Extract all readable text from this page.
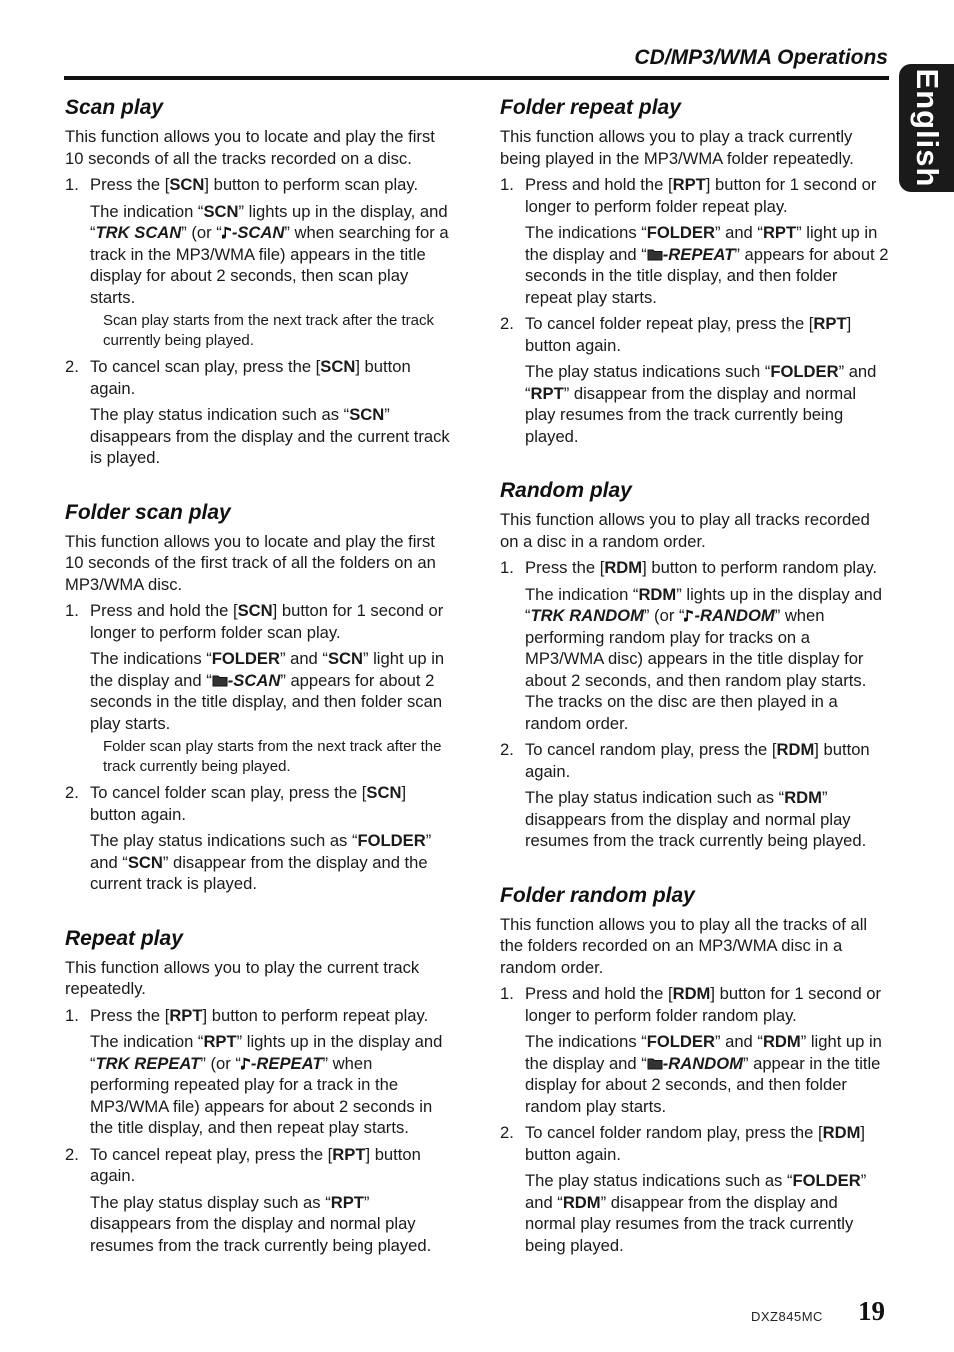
CD/MP3/WMA Operations
English
Scan play

This function allows you to locate and play the first 10 seconds of all the tracks recorded on a disc.

1. Press the [SCN] button to perform scan play.

The indication “SCN” lights up in the display, and “TRK SCAN” (or “ -SCAN” when searching for a track in the MP3/WMA file) appears in the title display for about 2 seconds, then scan play starts.

Scan play starts from the next track after the track currently being played.

2. To cancel scan play, press the [SCN] button again.

The play status indication such as “SCN” disappears from the display and the current track is played.

Folder scan play

This function allows you to locate and play the first 10 seconds of the first track of all the folders on an MP3/WMA disc.

1. Press and hold the [SCN] button for 1 second or longer to perform folder scan play.

The indications “FOLDER” and “SCN” light up in the display and “ -SCAN” appears for about 2 seconds in the title display, and then folder scan play starts.

Folder scan play starts from the next track after the track currently being played.

2. To cancel folder scan play, press the [SCN] button again.

The play status indications such as “FOLDER” and “SCN” disappear from the display and the current track is played.

Repeat play

This function allows you to play the current track repeatedly.

1. Press the [RPT] button to perform repeat play.

The indication “RPT” lights up in the display and “TRK REPEAT” (or “ -REPEAT” when performing repeated play for a track in the MP3/WMA file) appears for about 2 seconds in the title display, and then repeat play starts.

2. To cancel repeat play, press the [RPT] button again.

The play status display such as “RPT” disappears from the display and normal play resumes from the track currently being played.

Folder repeat play

This function allows you to play a track currently being played in the MP3/WMA folder repeatedly.

1. Press and hold the [RPT] button for 1 second or longer to perform folder repeat play.

The indications “FOLDER” and “RPT” light up in the display and “ -REPEAT” appears for about 2 seconds in the title display, and then folder repeat play starts.

2. To cancel folder repeat play, press the [RPT] button again.

The play status indications such “FOLDER” and “RPT” disappear from the display and normal play resumes from the track currently being played.

Random play

This function allows you to play all tracks recorded on a disc in a random order.

1. Press the [RDM] button to perform random play.

The indication “RDM” lights up in the display and “TRK RANDOM” (or “ -RANDOM” when performing random play for tracks on a MP3/WMA disc) appears in the title display for about 2 seconds, and then random play starts. The tracks on the disc are then played in a random order.

2. To cancel random play, press the [RDM] button again.

The play status indication such as “RDM” disappears from the display and normal play resumes from the track currently being played.

Folder random play

This function allows you to play all the tracks of all the folders recorded on an MP3/WMA disc in a random order.

1. Press and hold the [RDM] button for 1 second or longer to perform folder random play.

The indications “FOLDER” and “RDM” light up in the display and “ -RANDOM” appear in the title display for about 2 seconds, and then folder random play starts.

2. To cancel folder random play, press the [RDM] button again.

The play status indications such as “FOLDER” and “RDM” disappear from the display and normal play resumes from the track currently being played.

DXZ845MC 19
